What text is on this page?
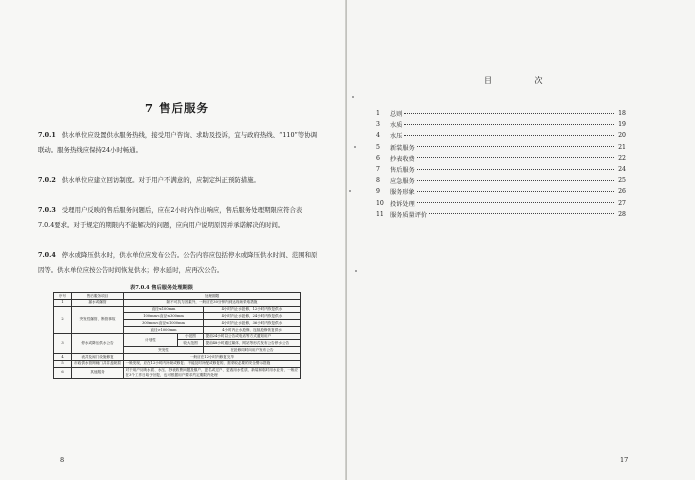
7 售后服务
7.0.1 供水单位应设置供水服务热线，接受用户咨询、求助及投诉，宜与政府热线、“110”等协调联动。服务热线应保持24小时畅通。
7.0.2 供水单位应建立回访制度。对于用户不满意的，应制定纠正预防措施。
7.0.3 受理用户反映的售后服务问题后，应在2小时内作出响应，售后服务处理期限应符合表7.0.4要求。对于规定的期限内不能解决的问题，应向用户说明原因并承诺解决的时间。
7.0.4 停水或降压供水时，供水单位应发布公告。公告内容应包括停水或降压供水时间、范围和原因等。供水单位应按公告时间恢复供水；停水延时，应再次公告。
表7.0.4 售后服务处理期限
序号	售后服务项目	处理期限		
1	漏水或爆管	除不可抗力因素外，一般应在30分钟内到达现场采取措施		
2	突发性爆管、断管事故	直径≤100mm		4小时内止水抢修，12小时内恢复供水
		100mm<直径≤300mm		4小时内止水抢修，24小时内恢复供水
		300mm<直径≤1000mm		4小时内止水抢修，36小时内恢复供水
		直径>1000mm		4小时内止水抢修，连续抢修恢复供水
3	停水或降压供水公告	计划性	小范围	提前24小时以公告或电话等方式通知用户
			较大范围	提前48小时通过媒体、网站等形式发布公告停水公告
		突发性		在抢修同时向用户发布公告
4	表井及阀门设施修复	一般应在12小时内修复完毕		
5	市政供水管网闸门井井盖缺损	一般发现，应在12小时内补缺或修复；不能及时补配或修复的，需采取必要的安全警示措施		
6	其他服务	对于用户反映水质、水压、抄表收费问题及镇户、更名或过户、更改用水性质、新装和临时用水业务，一般应在3个工作日给予回复，也可根据用户要求约定期限内处理		
8
目 次
1	总则	18
3	水质	19
4	水压	20
5	新装服务	21
6	抄表收费	22
7	售后服务	24
8	应急服务	25
9	服务形象	26
10 投诉处理	27
11 服务质量评价	28
17
